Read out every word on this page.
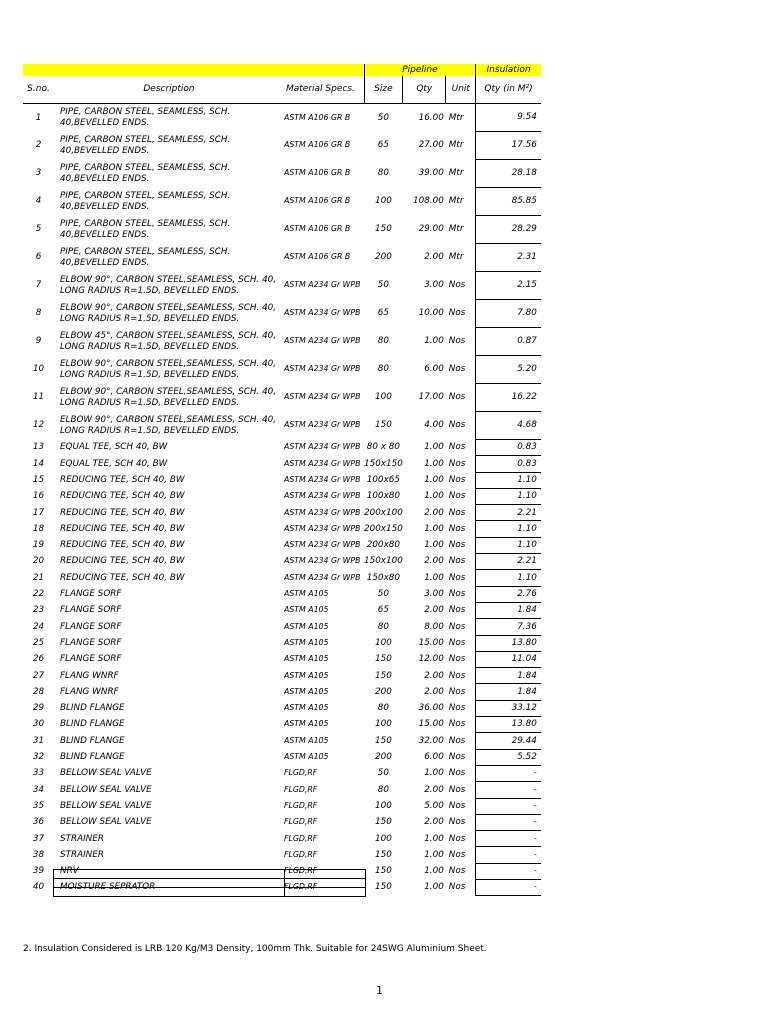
			Pipeline			Insulation
S.no.	Description	Material Specs.	Size	Qty	Unit	Qty (in M²)
1	PIPE, CARBON STEEL, SEAMLESS, SCH. 40,BEVELLED ENDS.	ASTM A106 GR B	50	16.00	Mtr	9.54
2	PIPE, CARBON STEEL, SEAMLESS, SCH. 40,BEVELLED ENDS.	ASTM A106 GR B	65	27.00	Mtr	17.56
3	PIPE, CARBON STEEL, SEAMLESS, SCH. 40,BEVELLED ENDS.	ASTM A106 GR B	80	39.00	Mtr	28.18
4	PIPE, CARBON STEEL, SEAMLESS, SCH. 40,BEVELLED ENDS.	ASTM A106 GR B	100	108.00	Mtr	85.85
5	PIPE, CARBON STEEL, SEAMLESS, SCH. 40,BEVELLED ENDS.	ASTM A106 GR B	150	29.00	Mtr	28.29
6	PIPE, CARBON STEEL, SEAMLESS, SCH. 40,BEVELLED ENDS.	ASTM A106 GR B	200	2.00	Mtr	2.31
7	ELBOW 90°, CARBON STEEL,SEAMLESS, SCH. 40, LONG RADIUS R=1.5D, BEVELLED ENDS.	ASTM A234 Gr WPB	50	3.00	Nos	2.15
8	ELBOW 90°, CARBON STEEL,SEAMLESS, SCH. 40, LONG RADIUS R=1.5D, BEVELLED ENDS.	ASTM A234 Gr WPB	65	10.00	Nos	7.80
9	ELBOW 45°, CARBON STEEL,SEAMLESS, SCH. 40, LONG RADIUS R=1.5D, BEVELLED ENDS.	ASTM A234 Gr WPB	80	1.00	Nos	0.87
10	ELBOW 90°, CARBON STEEL,SEAMLESS, SCH. 40, LONG RADIUS R=1.5D, BEVELLED ENDS.	ASTM A234 Gr WPB	80	6.00	Nos	5.20
11	ELBOW 90°, CARBON STEEL,SEAMLESS, SCH. 40, LONG RADIUS R=1.5D, BEVELLED ENDS.	ASTM A234 Gr WPB	100	17.00	Nos	16.22
12	ELBOW 90°, CARBON STEEL,SEAMLESS, SCH. 40, LONG RADIUS R=1.5D, BEVELLED ENDS.	ASTM A234 Gr WPB	150	4.00	Nos	4.68
13	EQUAL TEE, SCH 40, BW	ASTM A234 Gr WPB	80 x 80	1.00	Nos	0.83
14	EQUAL TEE, SCH 40, BW	ASTM A234 Gr WPB	150x150	1.00	Nos	0.83
15	REDUCING TEE, SCH 40, BW	ASTM A234 Gr WPB	100x65	1.00	Nos	1.10
16	REDUCING TEE, SCH 40, BW	ASTM A234 Gr WPB	100x80	1.00	Nos	1.10
17	REDUCING TEE, SCH 40, BW	ASTM A234 Gr WPB	200x100	2.00	Nos	2.21
18	REDUCING TEE, SCH 40, BW	ASTM A234 Gr WPB	200x150	1.00	Nos	1.10
19	REDUCING TEE, SCH 40, BW	ASTM A234 Gr WPB	200x80	1.00	Nos	1.10
20	REDUCING TEE, SCH 40, BW	ASTM A234 Gr WPB	150x100	2.00	Nos	2.21
21	REDUCING TEE, SCH 40, BW	ASTM A234 Gr WPB	150x80	1.00	Nos	1.10
22	FLANGE SORF	ASTM A105	50	3.00	Nos	2.76
23	FLANGE SORF	ASTM A105	65	2.00	Nos	1.84
24	FLANGE SORF	ASTM A105	80	8.00	Nos	7.36
25	FLANGE SORF	ASTM A105	100	15.00	Nos	13.80
26	FLANGE SORF	ASTM A105	150	12.00	Nos	11.04
27	FLANG WNRF	ASTM A105	150	2.00	Nos	1.84
28	FLANG WNRF	ASTM A105	200	2.00	Nos	1.84
29	BLIND FLANGE	ASTM A105	80	36.00	Nos	33.12
30	BLIND FLANGE	ASTM A105	100	15.00	Nos	13.80
31	BLIND FLANGE	ASTM A105	150	32.00	Nos	29.44
32	BLIND FLANGE	ASTM A105	200	6.00	Nos	5.52
33	BELLOW SEAL VALVE	FLGD,RF	50	1.00	Nos	-
34	BELLOW SEAL VALVE	FLGD,RF	80	2.00	Nos	-
35	BELLOW SEAL VALVE	FLGD,RF	100	5.00	Nos	-
36	BELLOW SEAL VALVE	FLGD,RF	150	2.00	Nos	-
37	STRAINER	FLGD,RF	100	1.00	Nos	-
38	STRAINER	FLGD,RF	150	1.00	Nos	-
39	NRV	FLGD,RF	150	1.00	Nos	-
40	MOISTURE SEPRATOR	FLGD,RF	150	1.00	Nos	-

2. Insulation Considered is LRB 120 Kg/M3 Density, 100mm Thk. Suitable for 24SWG Aluminium Sheet.
1
